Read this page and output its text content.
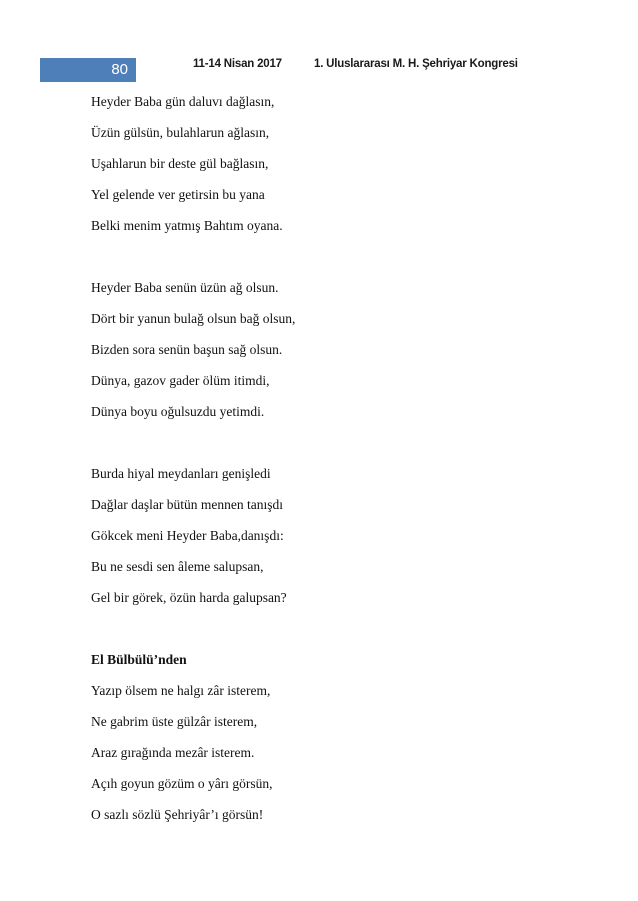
80	11-14 Nisan 2017	1. Uluslararası M. H. Şehriyar Kongresi
Heyder Baba gün daluvı dağlasın,
Üzün gülsün, bulahlarun ağlasın,
Uşahlarun bir deste gül bağlasın,
Yel gelende ver getirsin bu yana
Belki menim yatmış Bahtım oyana.
Heyder Baba senün üzün ağ olsun.
Dört bir yanun bulağ olsun bağ olsun,
Bizden sora senün başun sağ olsun.
Dünya, gazov gader ölüm itimdi,
Dünya boyu oğulsuzdu yetimdi.
Burda hiyal meydanları genişledi
Dağlar daşlar bütün mennen tanışdı
Gökcek meni Heyder Baba,danışdı:
Bu ne sesdi sen âleme salupsan,
Gel bir görek, özün harda galupsan?
El Bülbülü’nden
Yazıp ölsem ne halgı zâr isterem,
Ne gabrim üste gülzâr isterem,
Araz gırağında mezâr isterem.
Açıh goyun gözüm o yârı görsün,
O sazlı sözlü Şehriyâr’ı görsün!
